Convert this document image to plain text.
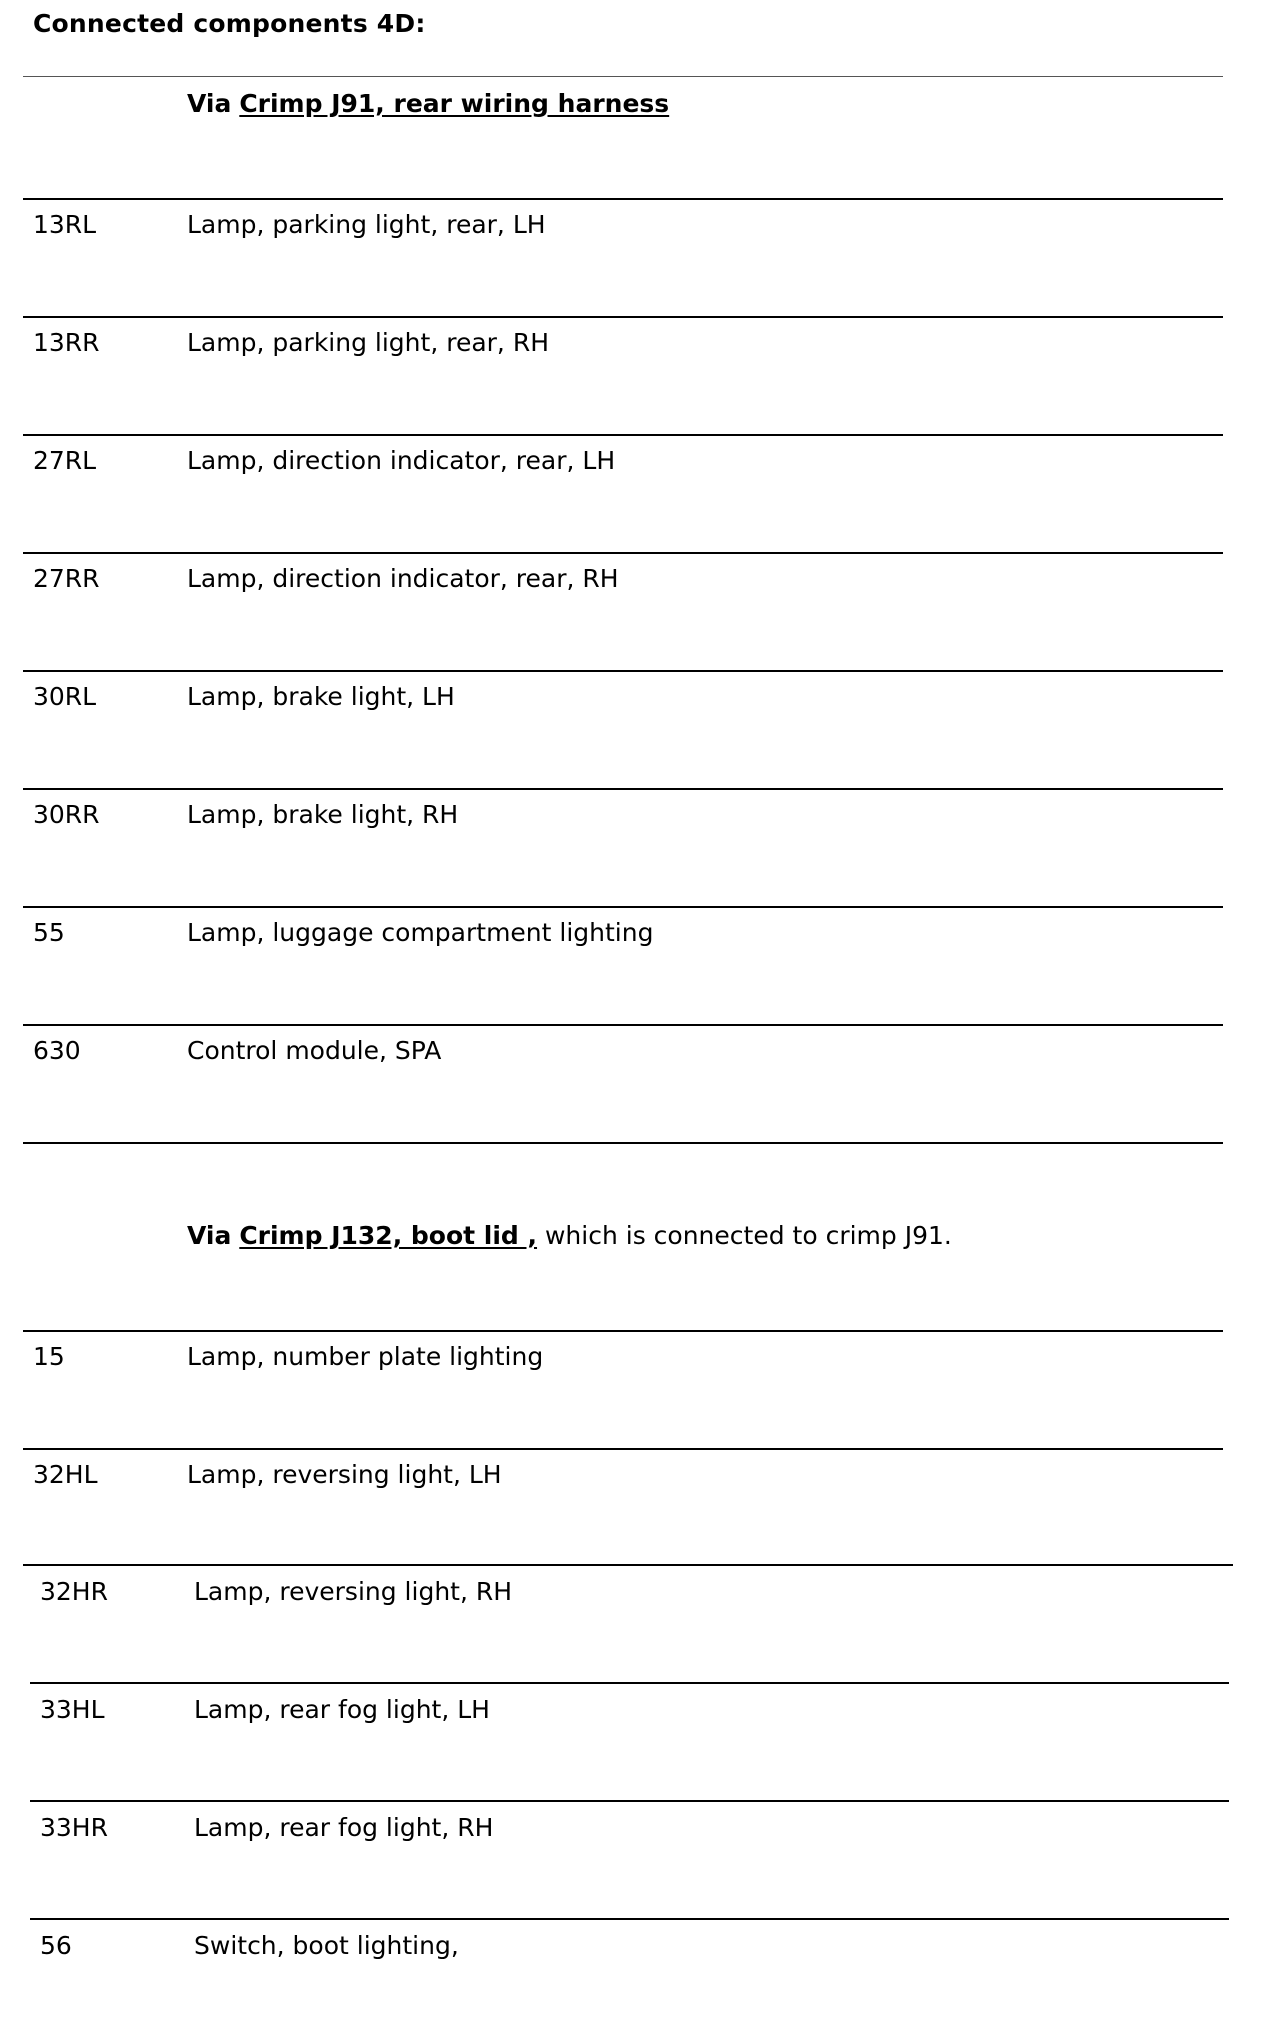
Connected components 4D:
Via Crimp J91, rear wiring harness
13RL	Lamp, parking light, rear, LH
13RR	Lamp, parking light, rear, RH
27RL	Lamp, direction indicator, rear, LH
27RR	Lamp, direction indicator, rear, RH
30RL	Lamp, brake light, LH
30RR	Lamp, brake light, RH
55	Lamp, luggage compartment lighting
630	Control module, SPA
Via Crimp J132, boot lid , which is connected to crimp J91.
15	Lamp, number plate lighting
32HL	Lamp, reversing light, LH
32HR	Lamp, reversing light, RH
33HL	Lamp, rear fog light, LH
33HR	Lamp, rear fog light, RH
56	Switch, boot lighting,
